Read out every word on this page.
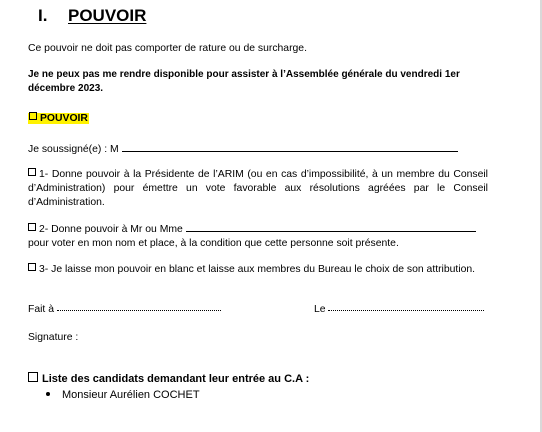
I. POUVOIR
Ce pouvoir ne doit pas comporter de rature ou de surcharge.
Je ne peux pas me rendre disponible pour assister à l’Assemblée générale du vendredi 1er décembre 2023.
POUVOIR
Je soussigné(e) : M
1- Donne pouvoir à la Présidente de l’ARIM (ou en cas d’impossibilité, à un membre du Conseil d’Administration) pour émettre un vote favorable aux résolutions agréées par le Conseil d’Administration.
2- Donne pouvoir à Mr ou Mme
pour voter en mon nom et place, à la condition que cette personne soit présente.
3- Je laisse mon pouvoir en blanc et laisse aux membres du Bureau le choix de son attribution.
Fait à	Le
Signature :
Liste des candidats demandant leur entrée au C.A :
Monsieur Aurélien COCHET
